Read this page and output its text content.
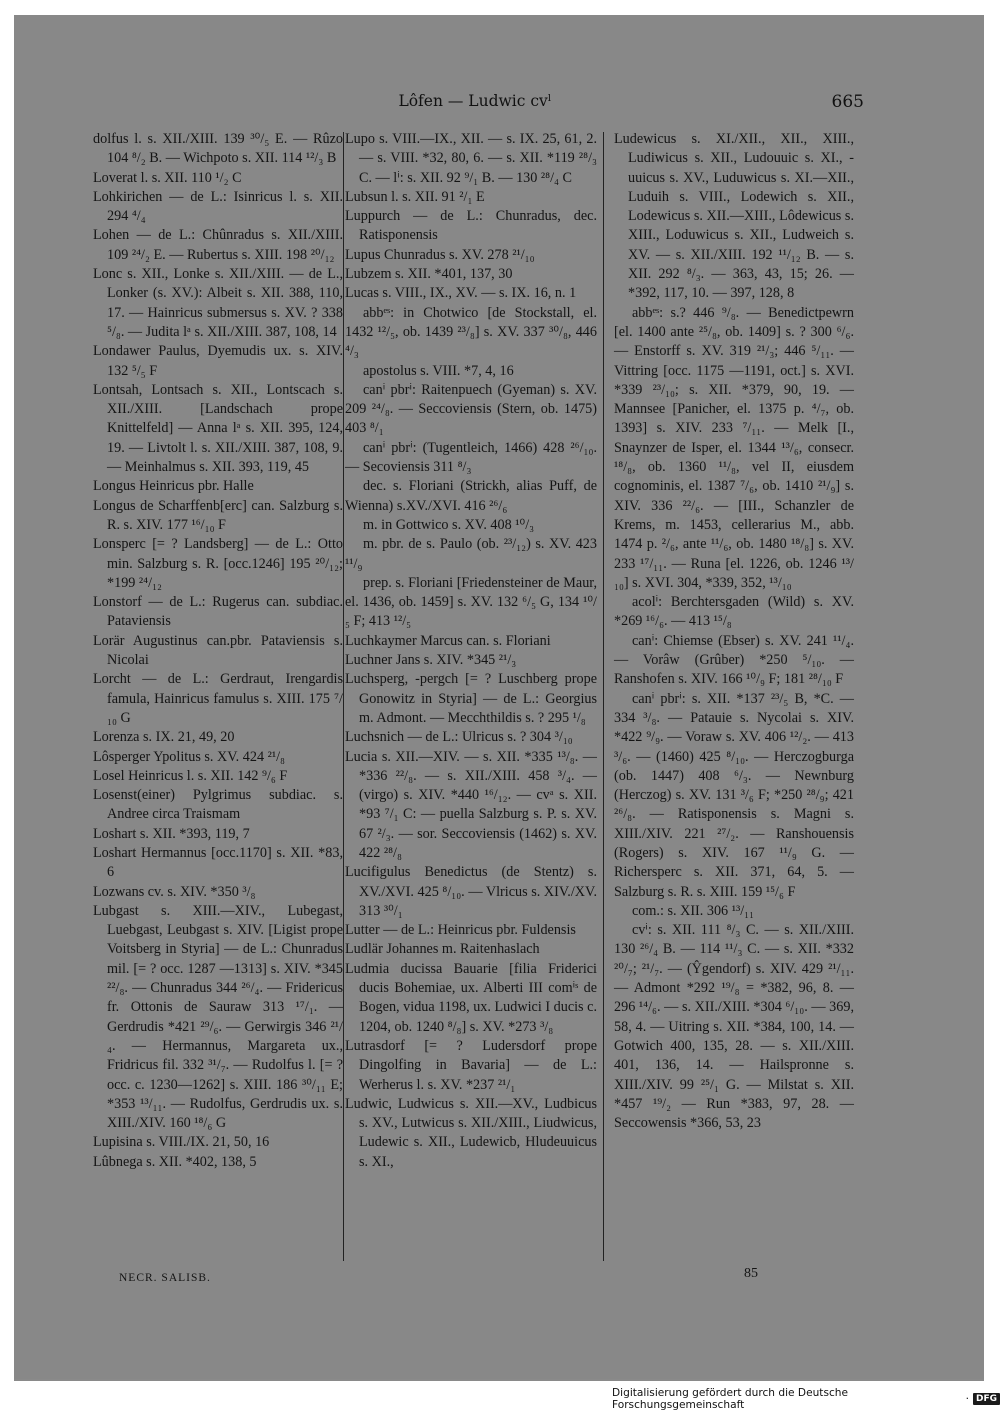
Lôfen — Ludwic cvˡ	665
dolfus l. s. XII./XIII. 139 ³⁰/₅ E. — Rûzo 104 ⁸/₂ B. — Wichpoto s. XII. 114 ¹²/₃ B
Loverat l. s. XII. 110 ¹/₂ C
Lohkirichen — de L.: Isinricus l. s. XII. 294 ⁴/₄
Lohen — de L.: Chûnradus s. XII./XIII. 109 ²⁴/₂ E. — Rubertus s. XIII. 198 ²⁰/₁₂
Lonc s. XII., Lonke s. XII./XIII. — de L., Lonker (s. XV.): Albeit s. XII. 388, 110, 17. — Hainricus submersus s. XV. ? 338 ⁵/₈. — Judita lᵃ s. XII./XIII. 387, 108, 14
Londawer Paulus, Dyemudis ux. s. XIV. 132 ⁵/₅ F
Lontsah, Lontsach s. XII., Lontscach s. XII./XIII. [Landschach prope Knittelfeld] — Anna lᵃ s. XII. 395, 124, 19. — Livtolt l. s. XII./XIII. 387, 108, 9. — Meinhalmus s. XII. 393, 119, 45
Longus Heinricus pbr. Halle
Longus de Scharffenb[erc] can. Salzburg s. R. s. XIV. 177 ¹⁶/₁₀ F
Lonsperc [= ? Landsberg] — de L.: Otto min. Salzburg s. R. [occ.1246] 195 ²⁰/₁₂; *199 ²⁴/₁₂
Lonstorf — de L.: Rugerus can. subdiac. Pataviensis
Lorär Augustinus can.pbr. Pataviensis s. Nicolai
Lorcht — de L.: Gerdraut, Irengardis famula, Hainricus famulus s. XIII. 175 ⁷/₁₀ G
Lorenza s. IX. 21, 49, 20
Lôsperger Ypolitus s. XV. 424 ²¹/₈
Losel Heinricus l. s. XII. 142 ⁹/₆ F
Losenst(einer) Pylgrimus subdiac. s. Andree circa Traismam
Loshart s. XII. *393, 119, 7
Loshart Hermannus [occ.1170] s. XII. *83, 6
Lozwans cv. s. XIV. *350 ³/₈
Lubgast s. XIII.—XIV., Lubegast, Luebgast, Leubgast s. XIV. [Ligist prope Voitsberg in Styria] — de L.: Chunradus mil. [= ? occ. 1287 —1313] s. XIV. *345 ²²/₈. — Chunradus 344 ²⁶/₄. — Fridericus fr. Ottonis de Sauraw 313 ¹⁷/₁. — Gerdrudis *421 ²⁹/₆. — Gerwirgis 346 ²¹/₄. — Hermannus, Margareta ux., Fridricus fil. 332 ³¹/₇. — Rudolfus l. [= ? occ. c. 1230—1262] s. XIII. 186 ³⁰/₁₁ E; *353 ¹³/₁₁. — Rudolfus, Gerdrudis ux. s. XIII./XIV. 160 ¹⁸/₆ G
Lupisina s. VIII./IX. 21, 50, 16
Lûbnega s. XII. *402, 138, 5
Lupo s. VIII.—IX., XII. — s. IX. 25, 61, 2. — s. VIII. *32, 80, 6. — s. XII. *119 ²⁸/₃ C. — lⁱ: s. XII. 92 ⁹/₁ B. — 130 ²⁸/₄ C
Lubsun l. s. XII. 91 ²/₁ E
Luppurch — de L.: Chunradus, dec. Ratisponensis
Lupus Chunradus s. XV. 278 ²¹/₁₀
Lubzem s. XII. *401, 137, 30
Lucas s. VIII., IX., XV. — s. IX. 16, n. 1
abbᵉˢ: in Chotwico [de Stockstall, el. 1432 ¹²/₅, ob. 1439 ²³/₈] s. XV. 337 ³⁰/₈, 446 ⁴/₃
apostolus s. VIII. *7, 4, 16
canⁱ pbrⁱ: Raitenpuech (Gyeman) s. XV. 209 ²⁴/₈. — Seccoviensis (Stern, ob. 1475) 403 ⁸/₁
canⁱ pbrⁱ: (Tugentleich, 1466) 428 ²⁶/₁₀. — Secoviensis 311 ⁸/₃
dec. s. Floriani (Strickh, alias Puff, de Wienna) s.XV./XVI. 416 ²⁶/₆
m. in Gottwico s. XV. 408 ¹⁰/₃
m. pbr. de s. Paulo (ob. ²³/₁₂) s. XV. 423 ¹¹/₉
prep. s. Floriani [Friedensteiner de Maur, el. 1436, ob. 1459] s. XV. 132 ⁶/₅ G, 134 ¹⁰/₅ F; 413 ¹²/₅
Luchkaymer Marcus can. s. Floriani
Luchner Jans s. XIV. *345 ²¹/₃
Luchsperg, -pergch [= ? Luschberg prope Gonowitz in Styria] — de L.: Georgius m. Admont. — Mecchthildis s. ? 295 ¹/₈
Luchsnich — de L.: Ulricus s. ? 304 ³/₁₀
Lucia s. XII.—XIV. — s. XII. *335 ¹³/₈. — *336 ²²/₈. — s. XII./XIII. 458 ³/₄. — (virgo) s. XIV. *440 ¹⁶/₁₂. — cvᵃ s. XII. *93 ⁷/₁ C: — puella Salzburg s. P. s. XV. 67 ²/₃. — sor. Seccoviensis (1462) s. XV. 422 ²⁸/₈
Lucifigulus Benedictus (de Stentz) s. XV./XVI. 425 ⁸/₁₀. — Vlricus s. XIV./XV. 313 ³⁰/₁
Lutter — de L.: Heinricus pbr. Fuldensis
Ludlär Johannes m. Raitenhaslach
Ludmia ducissa Bauarie [filia Friderici ducis Bohemiae, ux. Alberti III comⁱˢ de Bogen, vidua 1198, ux. Ludwici I ducis c. 1204, ob. 1240 ⁸/₈] s. XV. *273 ³/₈
Lutrasdorf [= ? Ludersdorf prope Dingolfing in Bavaria] — de L.: Werherus l. s. XV. *237 ²¹/₁
Ludwic, Ludwicus s. XII.—XV., Ludbicus s. XV., Lutwicus s. XII./XIII., Liudwicus, Ludewic s. XII., Ludewicb, Hludeuuicus s. XI.,
Ludewicus s. XI./XII., XII., XIII., Ludiwicus s. XII., Ludouuic s. XI., -uuicus s. XV., Luduwicus s. XI.—XII., Luduih s. VIII., Lodewich s. XII., Lodewicus s. XII.—XIII., Lôdewicus s. XIII., Loduwicus s. XII., Ludweich s. XV. — s. XII./XIII. 192 ¹¹/₁₂ B. — s. XII. 292 ⁸/₃. — 363, 43, 15; 26. — *392, 117, 10. — 397, 128, 8
abbᵉˢ: s.? 446 ⁹/₈. — Benedictpewrn [el. 1400 ante ²⁵/₈, ob. 1409] s. ? 300 ⁶/₆. — Enstorff s. XV. 319 ²¹/₃; 446 ⁵/₁₁. — Vittring [occ. 1175 —1191, oct.] s. XVI. *339 ²³/₁₀; s. XII. *379, 90, 19. — Mannsee [Panicher, el. 1375 p. ⁴/₇, ob. 1393] s. XIV. 233 ⁷/₁₁. — Melk [I., Snaynzer de Isper, el. 1344 ¹³/₆, consecr. ¹⁸/₈, ob. 1360 ¹¹/₈, vel II, eiusdem cognominis, el. 1387 ⁷/₆, ob. 1410 ²¹/₉] s. XIV. 336 ²²/₆. — [III., Schanzler de Krems, m. 1453, cellerarius M., abb. 1474 p. ²/₆, ante ¹¹/₆, ob. 1480 ¹⁸/₈] s. XV. 233 ¹⁷/₁₁. — Runa [el. 1226, ob. 1246 ¹³/₁₀] s. XVI. 304, *339, 352, ¹³/₁₀
acolⁱ: Berchtersgaden (Wild) s. XV. *269 ¹⁶/₆. — 413 ¹⁵/₈
canⁱ: Chiemse (Ebser) s. XV. 241 ¹¹/₄. — Vorâw (Grûber) *250 ⁵/₁₀. — Ranshofen s. XIV. 166 ¹⁰/₉ F; 181 ²⁸/₁₀ F
canⁱ pbrⁱ: s. XII. *137 ²³/₅ B, *C. — 334 ³/₈. — Patauie s. Nycolai s. XIV. *422 ⁹/₉. — Voraw s. XV. 406 ¹²/₂. — 413 ³/₆. — (1460) 425 ⁸/₁₀. — Herczogburga (ob. 1447) 408 ⁶/₃. — Newnburg (Herczog) s. XV. 131 ³/₆ F; *250 ²⁸/₉; 421 ²⁶/₈. — Ratisponensis s. Magni s. XIII./XIV. 221 ²⁷/₂. — Ranshouensis (Rogers) s. XIV. 167 ¹¹/₉ G. — Richersperc s. XII. 371, 64, 5. — Salzburg s. R. s. XIII. 159 ¹⁵/₆ F
com.: s. XII. 306 ¹³/₁₁
cvⁱ: s. XII. 111 ⁸/₃ C. — s. XII./XIII. 130 ²⁶/₄ B. — 114 ¹¹/₃ C. — s. XII. *332 ²⁰/₇; ²¹/₇. — (Ŷgendorf) s. XIV. 429 ²¹/₁₁. — Admont *292 ¹⁹/₈ = *382, 96, 8. — 296 ¹⁴/₆. — s. XII./XIII. *304 ⁶/₁₀. — 369, 58, 4. — Uitring s. XII. *384, 100, 14. — Gotwich 400, 135, 28. — s. XII./XIII. 401, 136, 14. — Hailspronne s. XIII./XIV. 99 ²⁵/₁ G. — Milstat s. XII. *457 ¹⁹/₂ — Run *383, 97, 28. — Seccowensis *366, 53, 23
NECR. SALISB.	85
Digitalisierung gefördert durch die Deutsche Forschungsgemeinschaft	· DFG
